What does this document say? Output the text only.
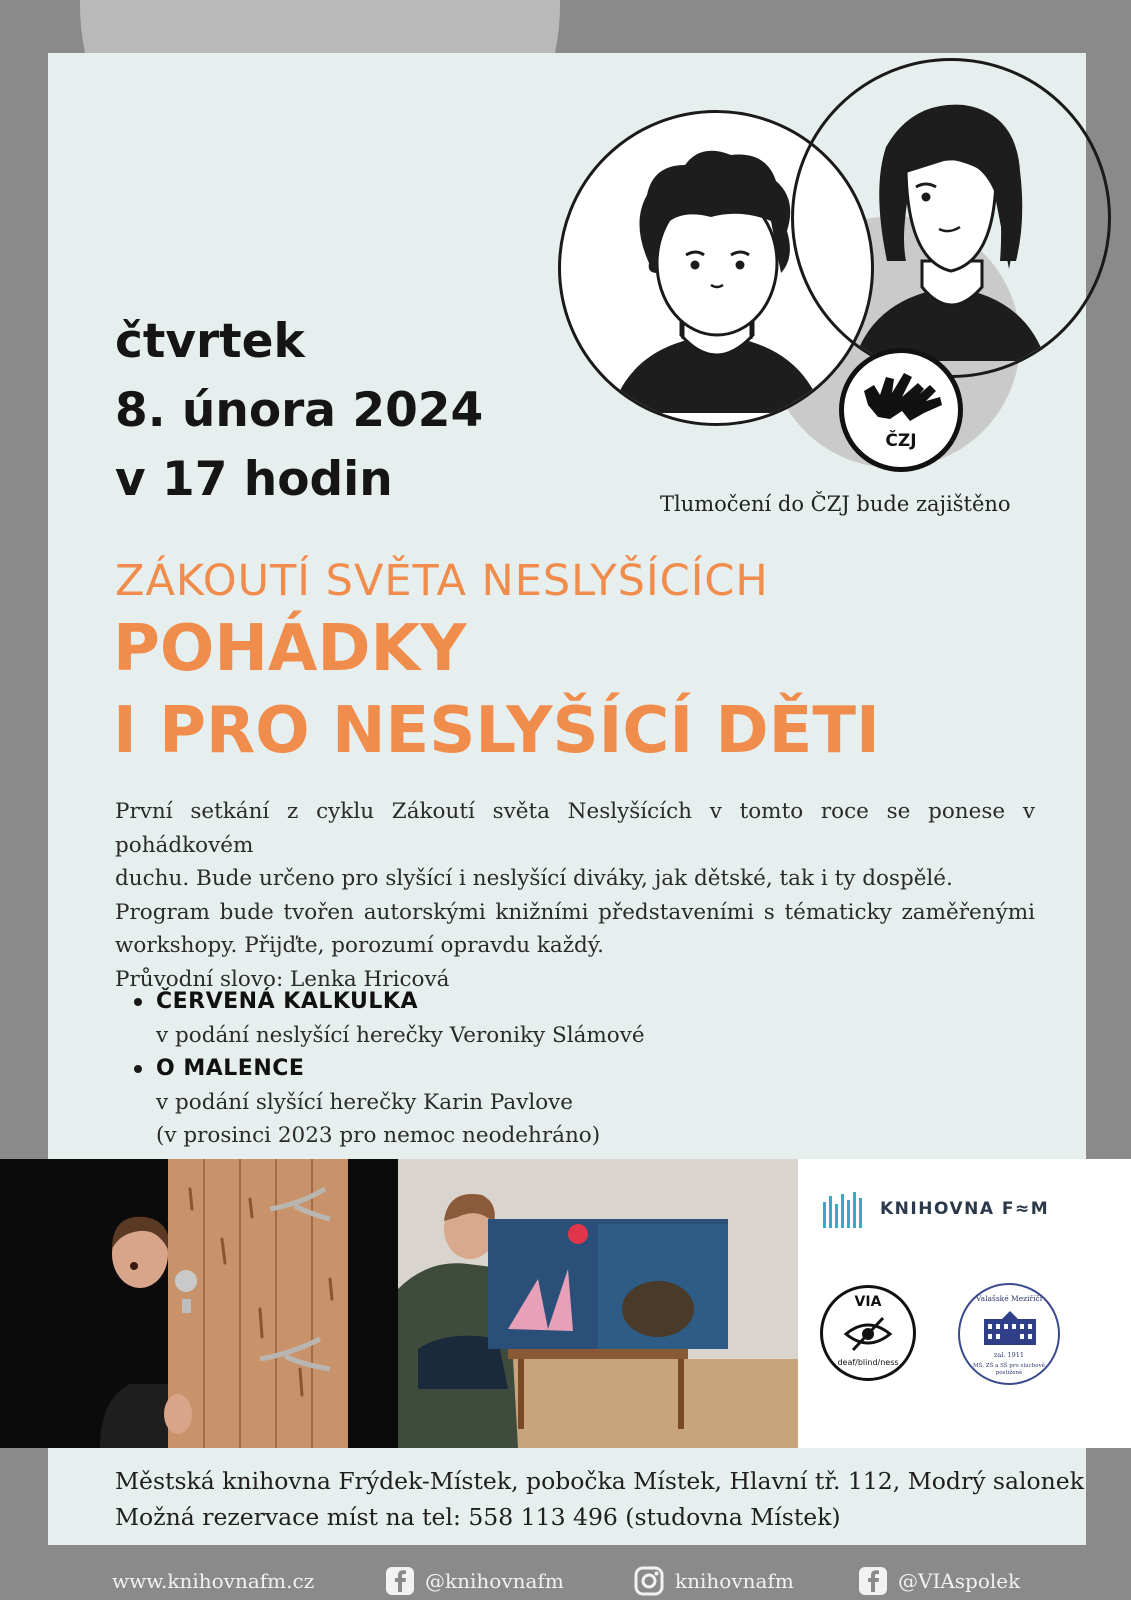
ČZJ
čtvrtek
8. února 2024
v 17 hodin	Tlumočení do ČZJ bude zajištěno
ZÁKOUTÍ SVĚTA NESLYŠÍCÍCH
POHÁDKY
I PRO NESLYŠÍCÍ DĚTI

První setkání z cyklu Zákoutí světa Neslyšících v tomto roce se ponese v pohádkovém

duchu. Bude určeno pro slyšící i neslyšící diváky, jak dětské, tak i ty dospělé.

Program bude tvořen autorskými knižními představeními s tématicky zaměřenými

workshopy. Přijďte, porozumí opravdu každý.

Průvodní slovo: Lenka Hricová

ČERVENÁ KALKULKA
v podání neslyšící herečky Veroniky Slámové
O MALENCE
v podání slyšící herečky Karin Pavlove
(v prosinci 2023 pro nemoc neodehráno)
KNIHOVNA F≈M
VIA
deaf/blind/ness
Valašské Meziříčí
zal. 1911
MŠ, ZŠ a SŠ pro sluchově postižené
Městská knihovna Frýdek-Místek, pobočka Místek, Hlavní tř. 112, Modrý salonek
Možná rezervace míst na tel: 558 113 496 (studovna Místek)
www.knihovnafm.cz	@knihovnafm	knihovnafm	@VIAspolek
